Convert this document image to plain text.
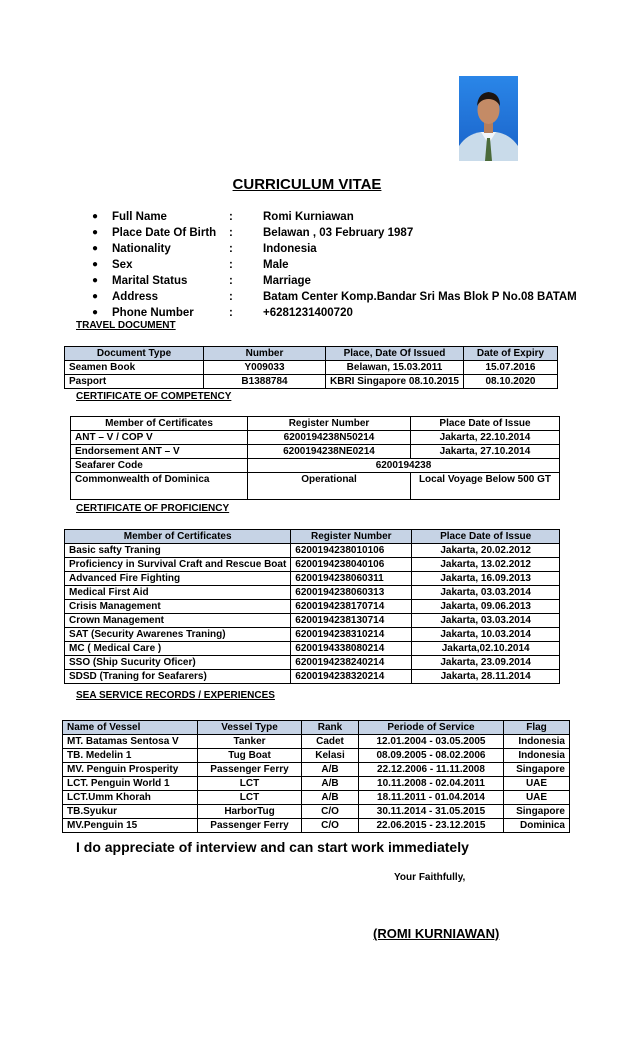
CURRICULUM VITAE
●	Full Name	:	Romi Kurniawan
●	Place Date Of Birth	:	Belawan , 03 February 1987
●	Nationality	:	Indonesia
●	Sex	:	Male
●	Marital Status	:	Marriage
●	Address	:	Batam Center Komp.Bandar Sri Mas Blok P No.08 BATAM
●	Phone Number	:	+6281231400720
TRAVEL DOCUMENT
Document Type	Number	Place, Date Of Issued	Date of Expiry
Seamen Book	Y009033	Belawan, 15.03.2011	15.07.2016
Pasport	B1388784	KBRI Singapore 08.10.2015	08.10.2020
CERTIFICATE OF COMPETENCY
Member of Certificates	Register Number	Place Date of Issue
ANT – V / COP V	6200194238N50214	Jakarta, 22.10.2014
Endorsement ANT – V	6200194238NE0214	Jakarta, 27.10.2014
Seafarer Code	6200194238	
Commonwealth of Dominica	Operational	Local Voyage Below 500 GT
CERTIFICATE OF PROFICIENCY
Member of Certificates	Register Number	Place Date of Issue
Basic safty Traning	6200194238010106	Jakarta, 20.02.2012
Proficiency in Survival Craft and Rescue Boat	6200194238040106	Jakarta, 13.02.2012
Advanced Fire Fighting	6200194238060311	Jakarta, 16.09.2013
Medical First Aid	6200194238060313	Jakarta, 03.03.2014
Crisis Management	6200194238170714	Jakarta, 09.06.2013
Crown Management	6200194238130714	Jakarta, 03.03.2014
SAT (Security Awarenes Traning)	6200194238310214	Jakarta, 10.03.2014
MC ( Medical Care )	6200194338080214	Jakarta,02.10.2014
SSO (Ship Sucurity Oficer)	6200194238240214	Jakarta, 23.09.2014
SDSD (Traning for Seafarers)	6200194238320214	Jakarta, 28.11.2014
SEA SERVICE RECORDS / EXPERIENCES
Name of Vessel	Vessel Type	Rank	Periode of Service	Flag
MT. Batamas Sentosa V	Tanker	Cadet	12.01.2004 - 03.05.2005	Indonesia
TB. Medelin 1	Tug Boat	Kelasi	08.09.2005 - 08.02.2006	Indonesia
MV. Penguin Prosperity	Passenger Ferry	A/B	22.12.2006 - 11.11.2008	Singapore
LCT. Penguin World 1	LCT	A/B	10.11.2008 - 02.04.2011	UAE
LCT.Umm Khorah	LCT	A/B	18.11.2011 - 01.04.2014	UAE
TB.Syukur	HarborTug	C/O	30.11.2014 - 31.05.2015	Singapore
MV.Penguin 15	Passenger Ferry	C/O	22.06.2015 - 23.12.2015	Dominica
I do appreciate of interview and can start work immediately
Your Faithfully,
(ROMI KURNIAWAN)
